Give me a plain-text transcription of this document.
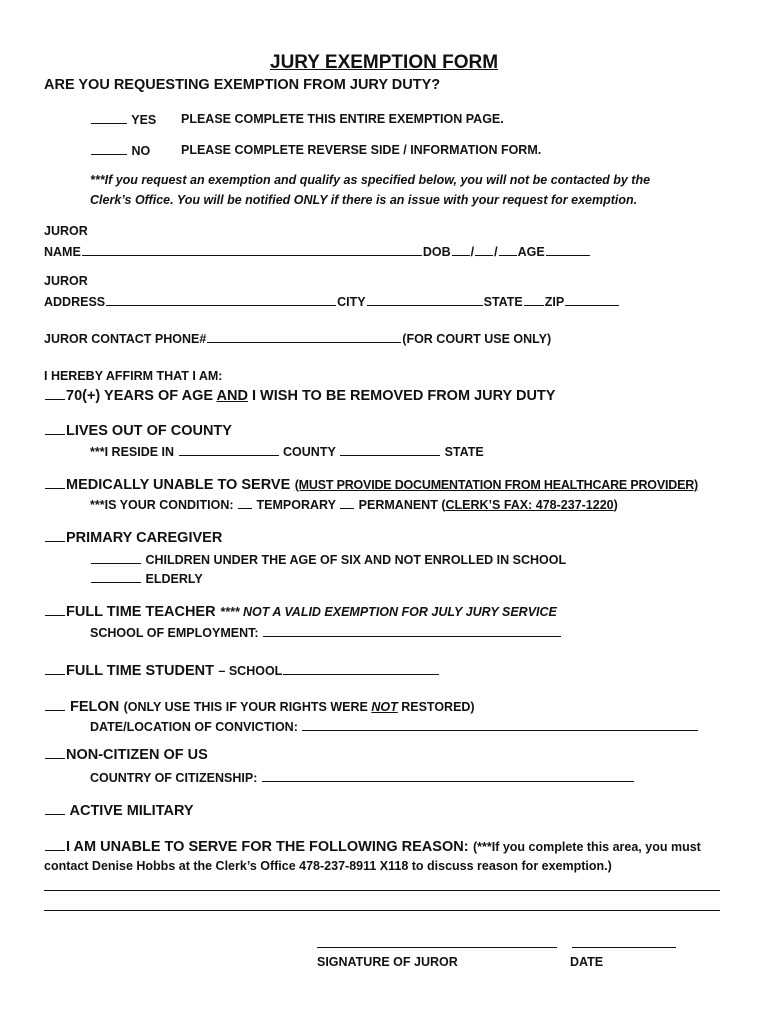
JURY EXEMPTION FORM
ARE YOU REQUESTING EXEMPTION FROM JURY DUTY?
YES PLEASE COMPLETE THIS ENTIRE EXEMPTION PAGE.
NO PLEASE COMPLETE REVERSE SIDE / INFORMATION FORM.
***If you request an exemption and qualify as specified below, you will not be contacted by the
Clerk’s Office. You will be notified ONLY if there is an issue with your request for exemption.
JUROR
NAME	DOB / / AGE
JUROR
ADDRESS	CITY	STATE ZIP
JUROR CONTACT PHONE#	(FOR COURT USE ONLY)
I HEREBY AFFIRM THAT I AM:
70(+) YEARS OF AGE AND I WISH TO BE REMOVED FROM JURY DUTY
LIVES OUT OF COUNTY
***I RESIDE IN	COUNTY	STATE
MEDICALLY UNABLE TO SERVE (MUST PROVIDE DOCUMENTATION FROM HEALTHCARE PROVIDER)
***IS YOUR CONDITION: TEMPORARY PERMANENT (CLERK’S FAX: 478-237-1220)
PRIMARY CAREGIVER
CHILDREN UNDER THE AGE OF SIX AND NOT ENROLLED IN SCHOOL
ELDERLY
FULL TIME TEACHER **** NOT A VALID EXEMPTION FOR JULY JURY SERVICE
SCHOOL OF EMPLOYMENT:
FULL TIME STUDENT – SCHOOL
FELON (ONLY USE THIS IF YOUR RIGHTS WERE NOT RESTORED)
DATE/LOCATION OF CONVICTION:
NON-CITIZEN OF US
COUNTRY OF CITIZENSHIP:
ACTIVE MILITARY
I AM UNABLE TO SERVE FOR THE FOLLOWING REASON: (***If you complete this area, you must
contact Denise Hobbs at the Clerk’s Office 478-237-8911 X118 to discuss reason for exemption.)
SIGNATURE OF JUROR	DATE
